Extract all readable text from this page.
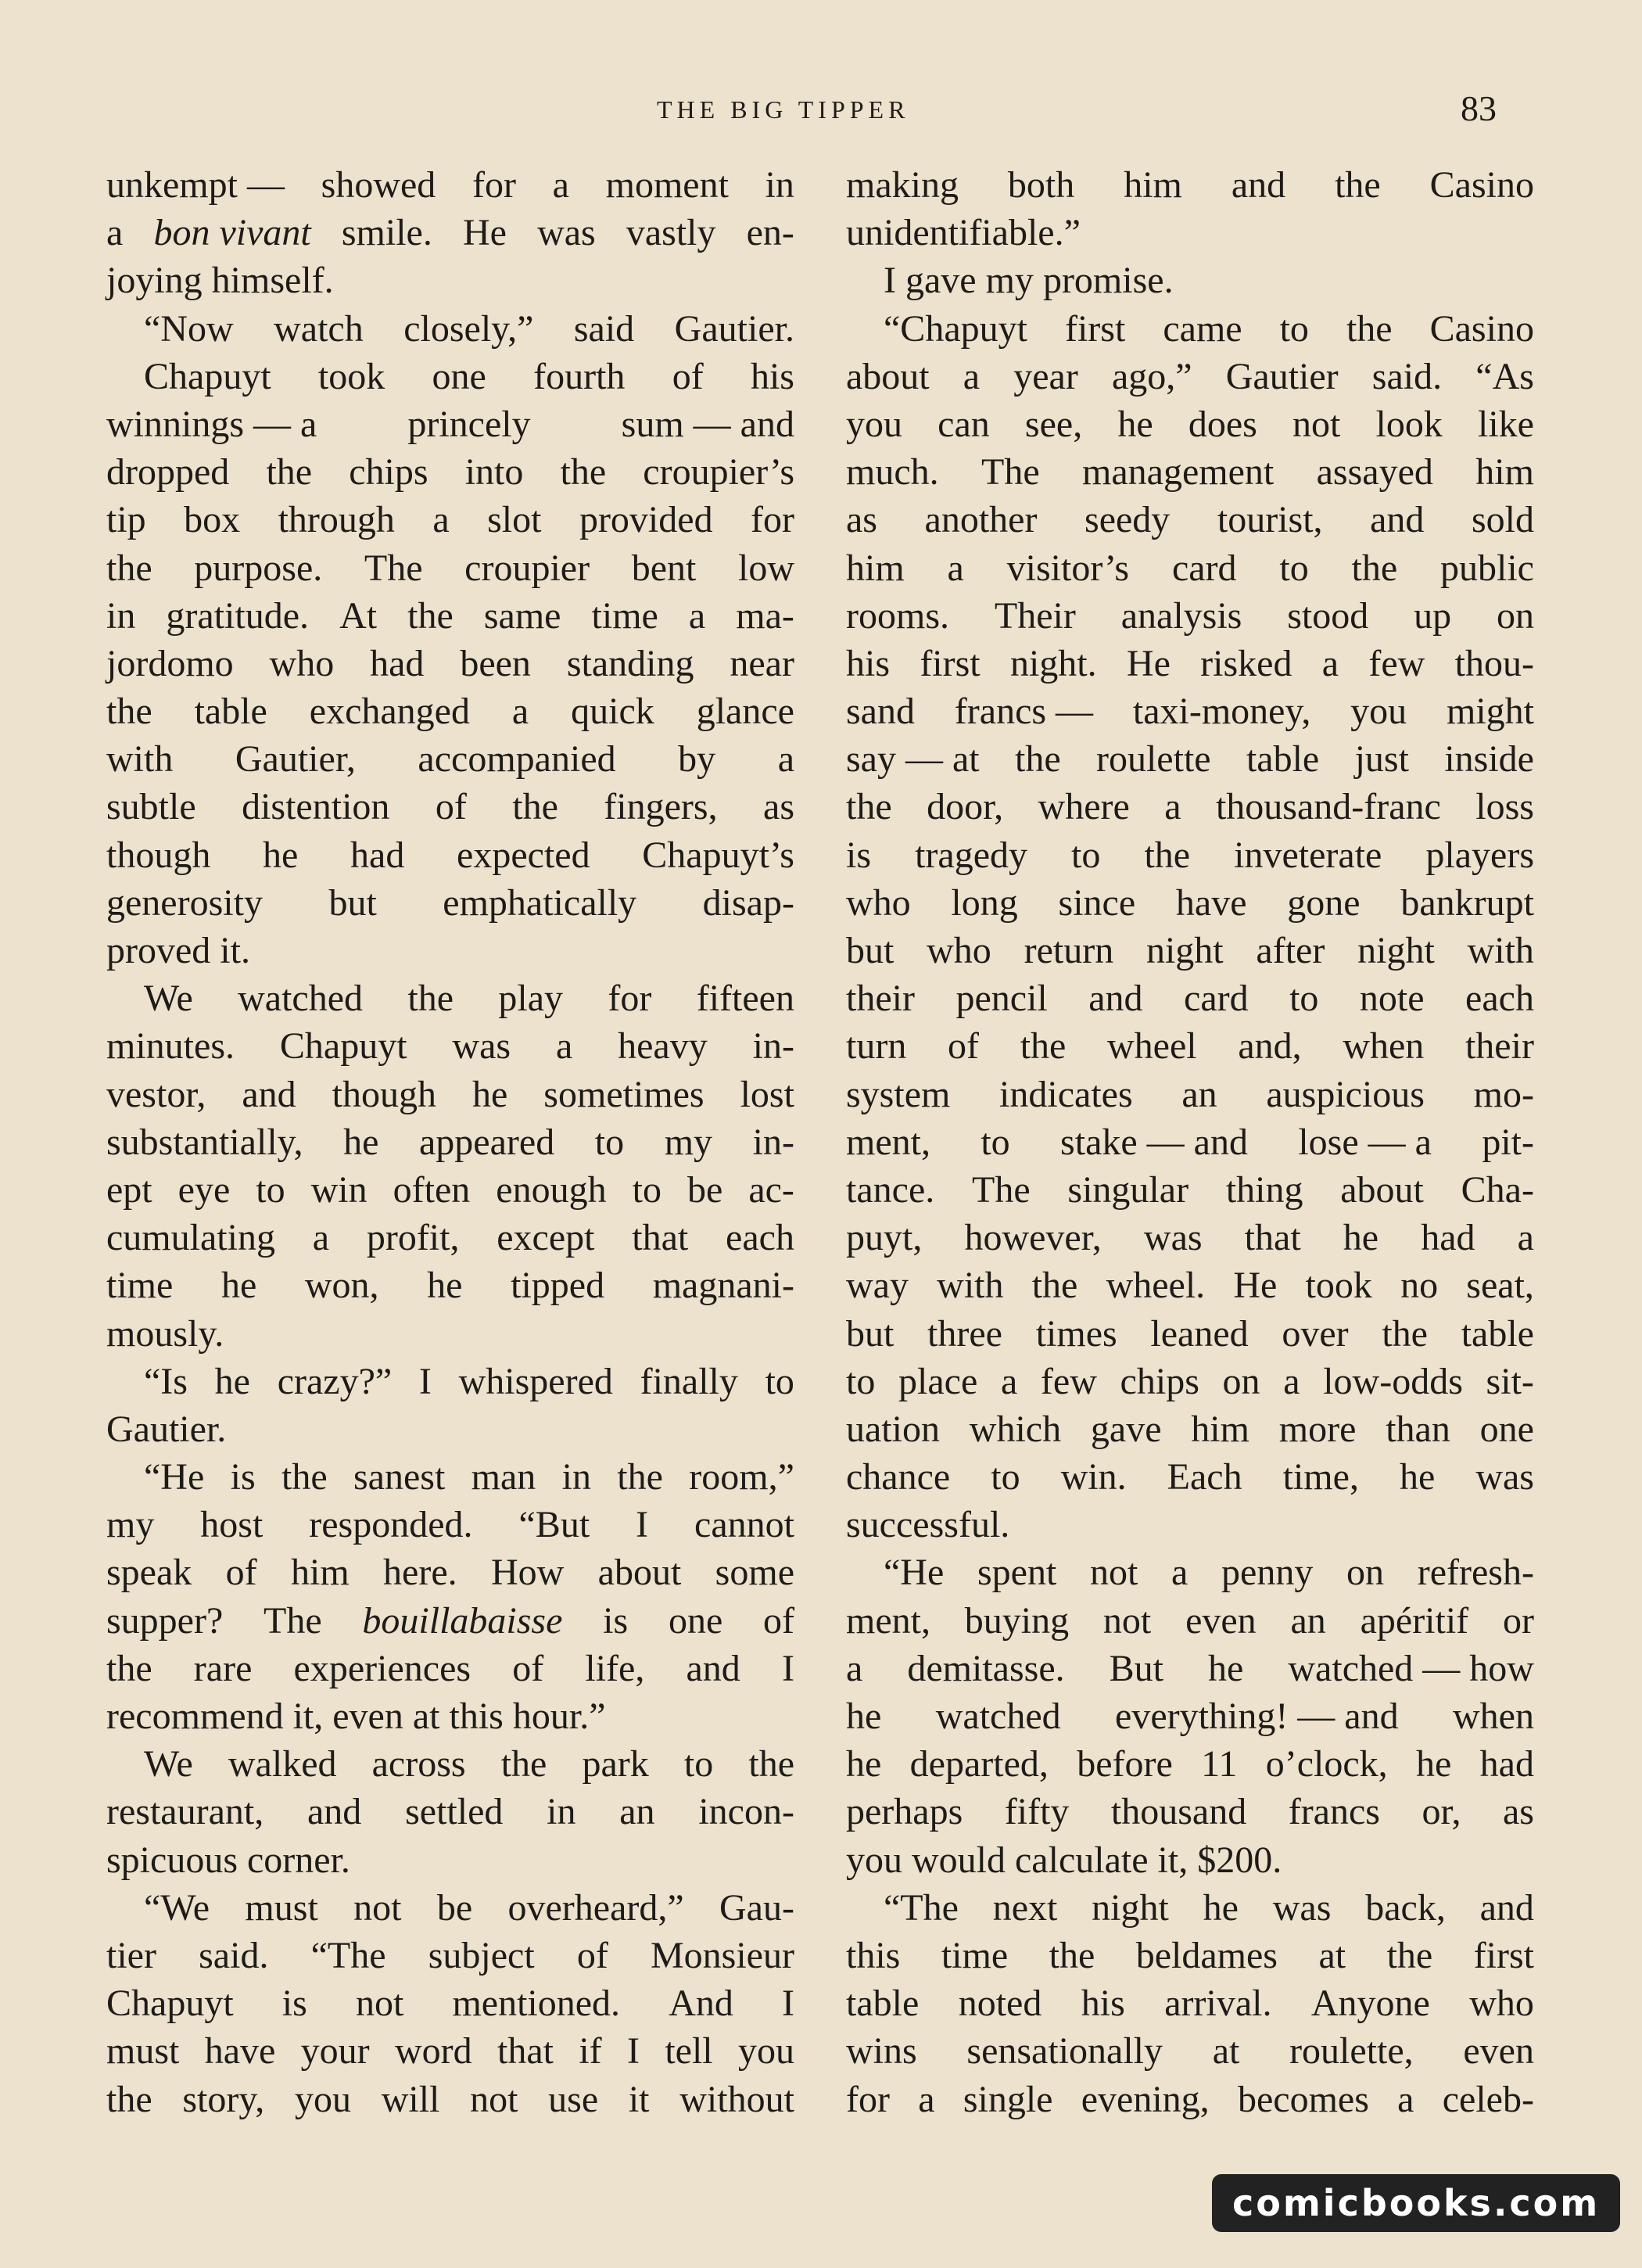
THE BIG TIPPER	83
unkempt — showed for a moment in
a bon vivant smile. He was vastly en-
joying himself.
“Now watch closely,” said Gautier.
Chapuyt took one fourth of his
winnings — a princely sum — and
dropped the chips into the croupier’s
tip box through a slot provided for
the purpose. The croupier bent low
in gratitude. At the same time a ma-
jordomo who had been standing near
the table exchanged a quick glance
with Gautier, accompanied by a
subtle distention of the fingers, as
though he had expected Chapuyt’s
generosity but emphatically disap-
proved it.
We watched the play for fifteen
minutes. Chapuyt was a heavy in-
vestor, and though he sometimes lost
substantially, he appeared to my in-
ept eye to win often enough to be ac-
cumulating a profit, except that each
time he won, he tipped magnani-
mously.
“Is he crazy?” I whispered finally to
Gautier.
“He is the sanest man in the room,”
my host responded. “But I cannot
speak of him here. How about some
supper? The bouillabaisse is one of
the rare experiences of life, and I
recommend it, even at this hour.”
We walked across the park to the
restaurant, and settled in an incon-
spicuous corner.
“We must not be overheard,” Gau-
tier said. “The subject of Monsieur
Chapuyt is not mentioned. And I
must have your word that if I tell you
the story, you will not use it without
making both him and the Casino
unidentifiable.”
I gave my promise.
“Chapuyt first came to the Casino
about a year ago,” Gautier said. “As
you can see, he does not look like
much. The management assayed him
as another seedy tourist, and sold
him a visitor’s card to the public
rooms. Their analysis stood up on
his first night. He risked a few thou-
sand francs — taxi-money, you might
say — at the roulette table just inside
the door, where a thousand-franc loss
is tragedy to the inveterate players
who long since have gone bankrupt
but who return night after night with
their pencil and card to note each
turn of the wheel and, when their
system indicates an auspicious mo-
ment, to stake — and lose — a pit-
tance. The singular thing about Cha-
puyt, however, was that he had a
way with the wheel. He took no seat,
but three times leaned over the table
to place a few chips on a low-odds sit-
uation which gave him more than one
chance to win. Each time, he was
successful.
“He spent not a penny on refresh-
ment, buying not even an apéritif or
a demitasse. But he watched — how
he watched everything! — and when
he departed, before 11 o’clock, he had
perhaps fifty thousand francs or, as
you would calculate it, $200.
“The next night he was back, and
this time the beldames at the first
table noted his arrival. Anyone who
wins sensationally at roulette, even
for a single evening, becomes a celeb-
comicbooks.com
